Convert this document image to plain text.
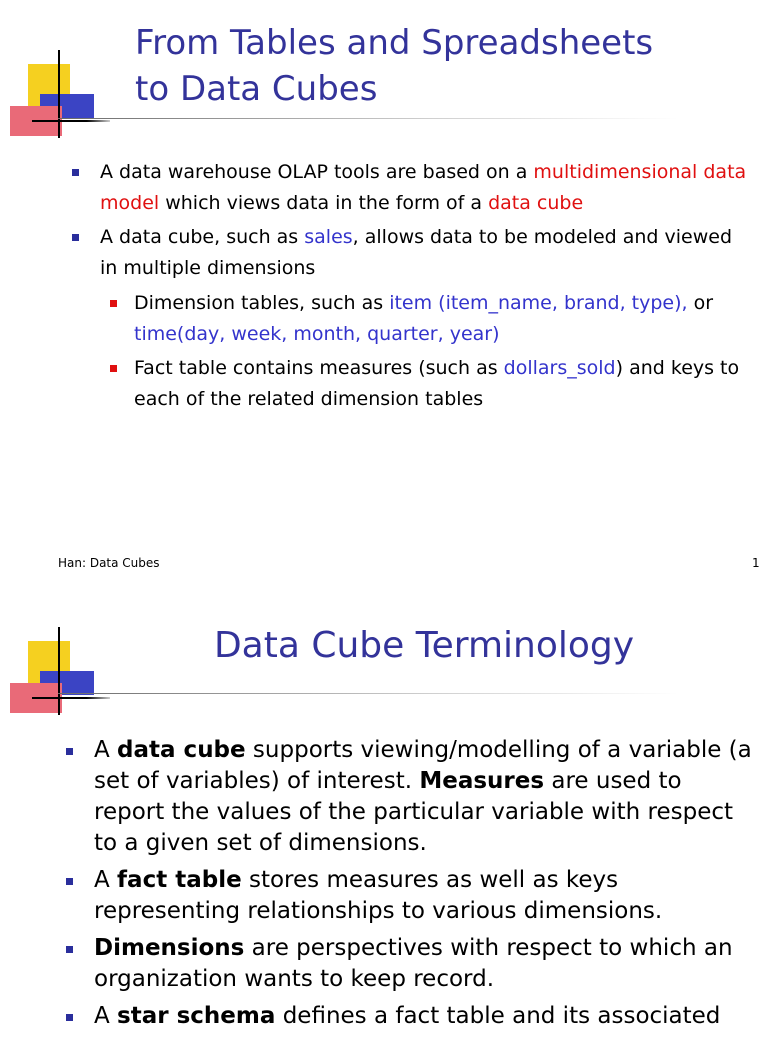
From Tables and Spreadsheets
to Data Cubes
A data warehouse OLAP tools are based on a multidimensional data model which views data in the form of a data cube
A data cube, such as sales, allows data to be modeled and viewed in multiple dimensions
Dimension tables, such as item (item_name, brand, type), or time(day, week, month, quarter, year)
Fact table contains measures (such as dollars_sold) and keys to each of the related dimension tables
Han: Data Cubes	1
Data Cube Terminology
A data cube supports viewing/modelling of a variable (a set of variables) of interest. Measures are used to report the values of the particular variable with respect to a given set of dimensions.
A fact table stores measures as well as keys representing relationships to various dimensions.
Dimensions are perspectives with respect to which an organization wants to keep record.
A star schema defines a fact table and its associated
